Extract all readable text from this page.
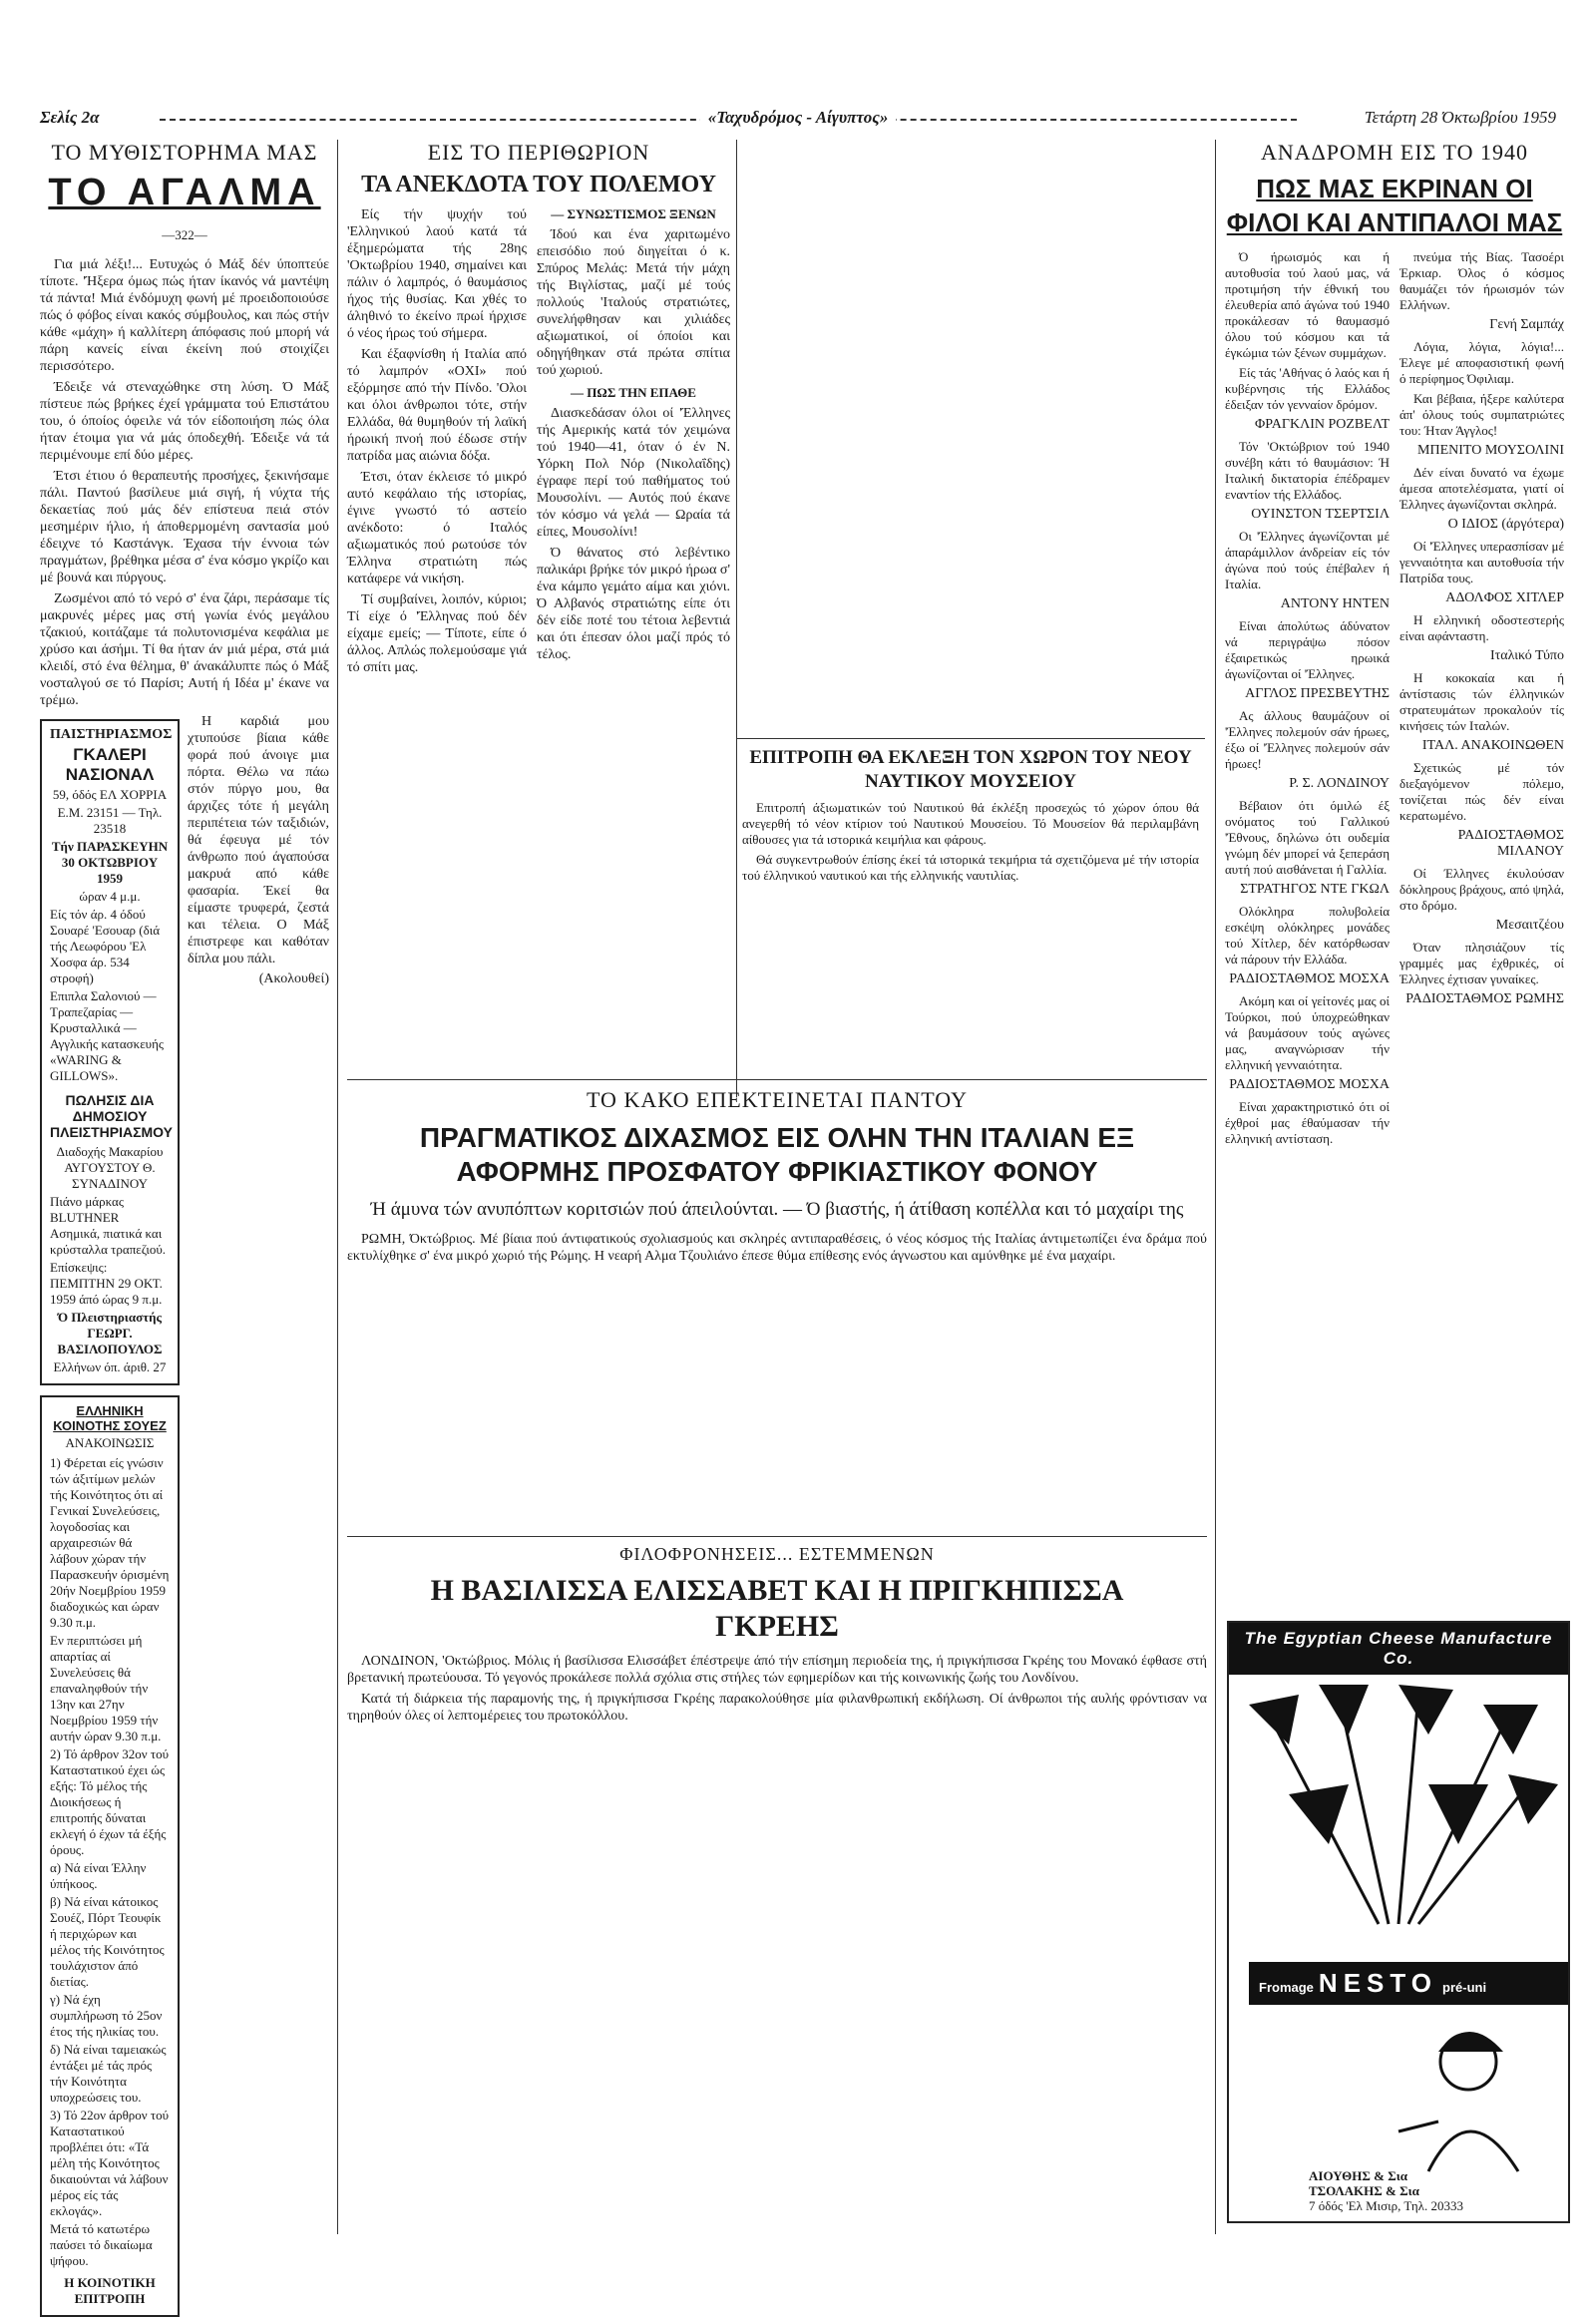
Σελίς 2α	«Ταχυδρόμος - Αίγυπτος»	Τετάρτη 28 Όκτωβρίου 1959

ΤΟ ΜΥΘΙΣΤΟΡΗΜΑ ΜΑΣ

ΤΟ ΑΓΑΛΜΑ

—322—

Για μιά λέξι!... Ευτυχώς ό Μάξ δέν ύποπτεύε τίποτε. 'Ήξερα όμως πώς ήταν ίκανός νά μαντέψη τά πάντα! Μιά ένδόμυχη φωνή μέ προειδοποιούσε πώς ό φόβος είναι κακός σύμβουλος, και πώς στήν κάθε «μάχη» ή καλλίτερη άπόφασις πού μπορή νά πάρη κανείς είναι έκείνη πού στοιχίζει περισσότερο.

Έδειξε νά στεναχώθηκε στη λύση. Ό Μάξ πίστευε πώς βρήκες έχεί γράμματα τού Επιστάτου του, ό όποίος όφειλε νά τόν είδοποιήση πώς όλα ήταν έτοιμα για νά μάς όποδεχθή. Έδειξε νά τά περιμένουμε επί δύο μέρες.

Έτσι έτιου ό θεραπευτής προσήχες, ξεκινήσαμε πάλι. Παντού βασίλευε μιά σιγή, ή νύχτα τής δεκαετίας πού μάς δέν επίστευα πειά στόν μεσημέριν ήλιο, ή άποθερμομένη σαντασία μού έδειχνε τό Καστάνγκ. Έχασα τήν έννοια τών πραγμάτων, βρέθηκα μέσα σ' ένα κόσμο γκρίζο και μέ βουνά και πύργους.

Ζωσμένοι από τό νερό σ' ένα ζάρι, περάσαμε τίς μακρυνές μέρες μας στή γωνία ένός μεγάλου τζακιού, κοιτάζαμε τά πολυτονισμένα κεφάλια με χρύσο και άσήμι. Τί θα ήταν άν μιά μέρα, στά μιά κλειδί, στό ένα θέλημα, θ' άνακάλυπτε πώς ό Μάξ νοσταλγού σε τό Παρίσι; Αυτή ή Ιδέα μ' έκανε να τρέμω.

ΠΑΙΣΤΗΡΙΑΣΜΟΣ

ΓΚΑΛΕΡΙ ΝΑΣΙΟΝΑΛ

59, όδός ΕΛ ΧΟΡΡΙΑ

Ε.Μ. 23151 — Τηλ. 23518

Τήν ΠΑΡΑΣΚΕΥΗΝ 30 ΟΚΤΩΒΡΙΟΥ 1959

ώραν 4 μ.μ.

Είς τόν άρ. 4 όδού Σουαρέ 'Εσουαρ (διά τής Λεωφόρου 'Ελ Χοσφα άρ. 534 στροφή)

Επιπλα Σαλονιού — Τραπεζαρίας — Κρυσταλλικά — Αγγλικής κατασκευής «WARING & GILLOWS».

ΠΩΛΗΣΙΣ ΔΙΑ ΔΗΜΟΣΙΟΥ ΠΛΕΙΣΤΗΡΙΑΣΜΟΥ

Διαδοχής Μακαρίου ΑΥΓΟΥΣΤΟΥ Θ. ΣΥΝΑΔΙΝΟΥ

Πιάνο μάρκας ΒLUTHNER Ασημικά, πιατικά και κρύσταλλα τραπεζιού.

Επίσκεψις: ΠΕΜΠΤΗΝ 29 ΟΚΤ. 1959 άπό ώρας 9 π.μ.

Ό Πλειστηριαστής ΓΕΩΡΓ. ΒΑΣΙΛΟΠΟΥΛΟΣ

Ελλήνων όπ. άριθ. 27

ΕΛΛΗΝΙΚΗ ΚΟΙΝΟΤΗΣ ΣΟΥΕΖ

ΑΝΑΚΟΙΝΩΣΙΣ

1) Φέρεται είς γνώσιν τών άξιτίμων μελών τής Κοινότητος ότι αί Γενικαί Συνελεύσεις, λογοδοσίας και αρχαιρεσιών θά λάβουν χώραν τήν Παρασκευήν όρισμένη 20ήν Νοεμβρίου 1959 διαδοχικώς και ώραν 9.30 π.μ.

Εν περιπτώσει μή απαρτίας αί Συνελεύσεις θά επαναληφθούν τήν 13ην και 27ην Νοεμβρίου 1959 τήν αυτήν ώραν 9.30 π.μ.

2) Τό άρθρον 32ον τού Καταστατικού έχει ώς εξής: Τό μέλος τής Διοικήσεως ή επιτροπής δύναται εκλεγή ό έχων τά έξής όρους.

α) Νά είναι Έλλην ύπήκοος.

β) Νά είναι κάτοικος Σουέζ, Πόρτ Τεουφίκ ή περιχώρων και μέλος τής Κοινότητος τουλάχιστον άπό διετίας.

γ) Νά έχη συμπλήρωση τό 25ον έτος τής ηλικίας του.

δ) Νά είναι ταμειακώς έντάξει μέ τάς πρός τήν Κοινότητα υποχρεώσεις του.

3) Τό 22ον άρθρον τού Καταστατικού προβλέπει ότι: «Τά μέλη τής Κοινότητος δικαιούνται νά λάβουν μέρος είς τάς εκλογάς».

Μετά τό κατωτέρω παύσει τό δικαίωμα ψήφου.

Η ΚΟΙΝΟΤΙΚΗ ΕΠΙΤΡΟΠΗ

Η καρδιά μου χτυπούσε βίαια κάθε φορά πού άνοιγε μια πόρτα. Θέλω να πάω στόν πύργο μου, θα άρχιζες τότε ή μεγάλη περιπέτεια τών ταξιδιών, θά έφευγα μέ τόν άνθρωπο πού άγαπούσα μακρυά από κάθε φασαρία. Έκεί θα είμαστε τρυφερά, ζεστά και τέλεια. Ο Μάξ έπιστρεφε και καθόταν δίπλα μου πάλι.

(Ακολουθεί)

ΕΙΣ ΤΟ ΠΕΡΙΘΩΡΙΟΝ

ΤΑ ΑΝΕΚΔΟΤΑ ΤΟΥ ΠΟΛΕΜΟΥ

Είς τήν ψυχήν τού 'Ελληνικού λαού κατά τά έξημερώματα τής 28ης 'Οκτωβρίου 1940, σημαίνει και πάλιν ό λαμπρός, ό θαυμάσιος ήχος τής θυσίας. Και χθές το άληθινό το έκείνο πρωί ήρχισε ό νέος ήρως τού σήμερα.

Και έξαφνίσθη ή Ιταλία από τό λαμπρόν «ΟΧΙ» πού εξόρμησε από τήν Πίνδο. 'Ολοι και όλοι άνθρωποι τότε, στήν Ελλάδα, θά θυμηθούν τή λαϊκή ήρωική πνοή πού έδωσε στήν πατρίδα μας αιώνια δόξα.

Έτσι, όταν έκλεισε τό μικρό αυτό κεφάλαιο τής ιστορίας, έγινε γνωστό τό αστείο ανέκδοτο: ό Ιταλός αξιωματικός πού ρωτούσε τόν Έλληνα στρατιώτη πώς κατάφερε νά νικήση.

Τί συμβαίνει, λοιπόν, κύριοι; Τί είχε ό 'Έλληνας πού δέν είχαμε εμείς; — Τίποτε, είπε ό άλλος. Απλώς πολεμούσαμε γιά τό σπίτι μας.

— ΣΥΝΩΣΤΙΣΜΟΣ ΞΕΝΩΝ

Ίδού και ένα χαριτωμένο επεισόδιο πού διηγείται ό κ. Σπύρος Μελάς: Μετά τήν μάχη τής Βιγλίστας, μαζί μέ τούς πολλούς 'Ιταλούς στρατιώτες, συνελήφθησαν και χιλιάδες αξιωματικοί, οί όποίοι και οδηγήθηκαν στά πρώτα σπίτια τού χωριού.

— ΠΩΣ ΤΗΝ ΕΠΑΘΕ

Διασκεδάσαν όλοι οί 'Έλληνες τής Αμερικής κατά τόν χειμώνα τού 1940—41, όταν ό έν Ν. Υόρκη Πολ Νόρ (Νικολαΐδης) έγραφε περί τού παθήματος τού Μουσολίνι. — Αυτός πού έκανε τόν κόσμο νά γελά — Ωραία τά είπες, Μουσολίνι!

Ό θάνατος στό λεβέντικο παλικάρι βρήκε τόν μικρό ήρωα σ' ένα κάμπο γεμάτο αίμα και χιόνι. Ό Αλβανός στρατιώτης είπε ότι δέν είδε ποτέ του τέτοια λεβεντιά και ότι έπεσαν όλοι μαζί πρός τό τέλος.

ΕΠΙΤΡΟΠΗ ΘΑ ΕΚΛΕΞΗ ΤΟΝ ΧΩΡΟΝ ΤΟΥ ΝΕΟΥ ΝΑΥΤΙΚΟΥ ΜΟΥΣΕΙΟΥ

Επιτροπή άξιωματικών τού Ναυτικού θά έκλέξη προσεχώς τό χώρον όπου θά ανεγερθή τό νέον κτίριον τού Ναυτικού Μουσείου. Τό Μουσείον θά περιλαμβάνη αίθουσες για τά ιστορικά κειμήλια και φάρους.

Θά συγκεντρωθούν έπίσης έκεί τά ιστορικά τεκμήρια τά σχετιζόμενα μέ τήν ιστορία τού έλληνικού ναυτικού και τής ελληνικής ναυτιλίας.

ΤΟ ΚΑΚΟ ΕΠΕΚΤΕΙΝΕΤΑΙ ΠΑΝΤΟΥ

ΠΡΑΓΜΑΤΙΚΟΣ ΔΙΧΑΣΜΟΣ ΕΙΣ ΟΛΗΝ ΤΗΝ ΙΤΑΛΙΑΝ ΕΞ ΑΦΟΡΜΗΣ ΠΡΟΣΦΑΤΟΥ ΦΡΙΚΙΑΣΤΙΚΟΥ ΦΟΝΟΥ

Ή άμυνα τών ανυπόπτων κοριτσιών πού άπειλούνται. — Ό βιαστής, ή άτίθαση κοπέλλα και τό μαχαίρι της

ΡΩΜΗ, Όκτώβριος. Μέ βίαια πού άντιφατικούς σχολιασμούς και σκληρές αντιπαραθέσεις, ό νέος κόσμος τής Ιταλίας άντιμετωπίζει ένα δράμα πού εκτυλίχθηκε σ' ένα μικρό χωριό τής Ρώμης. Η νεαρή Αλμα Τζουλιάνο έπεσε θύμα επίθεσης ενός άγνωστου και αμύνθηκε μέ ένα μαχαίρι.

ΦΙΛΟΦΡΟΝΗΣΕΙΣ... ΕΣΤΕΜΜΕΝΩΝ

Η ΒΑΣΙΛΙΣΣΑ ΕΛΙΣΣΑΒΕΤ ΚΑΙ Η ΠΡΙΓΚΗΠΙΣΣΑ ΓΚΡΕΗΣ

ΛΟΝΔΙΝΟΝ, 'Οκτώβριος. Μόλις ή βασίλισσα Ελισσάβετ έπέστρεψε άπό τήν επίσημη περιοδεία της, ή πριγκήπισσα Γκρέης του Μονακό έφθασε στή βρετανική πρωτεύουσα. Τό γεγονός προκάλεσε πολλά σχόλια στις στήλες τών εφημερίδων και τής κοινωνικής ζωής του Λονδίνου.

Κατά τή διάρκεια τής παραμονής της, ή πριγκήπισσα Γκρέης παρακολούθησε μία φιλανθρωπική εκδήλωση. Οί άνθρωποι τής αυλής φρόντισαν να τηρηθούν όλες οί λεπτομέρειες του πρωτοκόλλου.

ΑΝΑΔΡΟΜΗ ΕΙΣ ΤΟ 1940

ΠΩΣ ΜΑΣ ΕΚΡΙΝΑΝ ΟΙ ΦΙΛΟΙ ΚΑΙ ΑΝΤΙΠΑΛΟΙ ΜΑΣ

Ό ήρωισμός και ή αυτοθυσία τού λαού μας, νά προτιμήση τήν έθνική του έλευθερία από άγώνα τού 1940 προκάλεσαν τό θαυμασμό όλου τού κόσμου και τά έγκώμια τών ξένων συμμάχων.

Είς τάς 'Αθήνας ό λαός και ή κυβέρνησις τής Ελλάδος έδειξαν τόν γενναίον δρόμον.

ΦΡΑΓΚΛΙΝ ΡΟΖΒΕΛΤ

Τόν 'Οκτώβριον τού 1940 συνέβη κάτι τό θαυμάσιον: Ή Ιταλική δικτατορία έπέδραμεν εναντίον τής Ελλάδος.

ΟΥΙΝΣΤΟΝ ΤΣΕΡΤΣΙΛ

Οι 'Έλληνες άγωνίζονται μέ άπαράμιλλον άνδρείαν είς τόν άγώνα πού τούς έπέβαλεν ή Ιταλία.

ΑΝΤΟΝΥ ΗΝΤΕΝ

Είναι άπολύτως άδύνατον νά περιγράψω πόσον έξαιρετικώς ηρωικά άγωνίζονται οί 'Έλληνες.

ΑΓΓΛΟΣ ΠΡΕΣΒΕΥΤΗΣ

Ας άλλους θαυμάζουν οί 'Έλληνες πολεμούν σάν ήρωες, έξω οί 'Έλληνες πολεμούν σάν ήρωες!

Ρ. Σ. ΛΟΝΔΙΝΟΥ

Βέβαιον ότι όμιλώ έξ ονόματος τού Γαλλικού 'Έθνους, δηλώνω ότι ουδεμία γνώμη δέν μπορεί νά ξεπεράση αυτή πού αισθάνεται ή Γαλλία.

ΣΤΡΑΤΗΓΟΣ ΝΤΕ ΓΚΩΛ

Ολόκληρα πολυβολεία εσκέψη ολόκληρες μονάδες τού Χίτλερ, δέν κατόρθωσαν νά πάρουν τήν Ελλάδα.

ΡΑΔΙΟΣΤΑΘΜΟΣ ΜΟΣΧΑ

Ακόμη και οί γείτονές μας οί Τούρκοι, πού ύποχρεώθηκαν νά βαυμάσουν τούς αγώνες μας, αναγνώρισαν τήν ελληνική γενναιότητα.

ΡΑΔΙΟΣΤΑΘΜΟΣ ΜΟΣΧΑ

Είναι χαρακτηριστικό ότι οί έχθροί μας έθαύμασαν τήν ελληνική αντίσταση.

πνεύμα τής Βίας. Τασοέρι Έρκιαρ. Όλος ό κόσμος θαυμάζει τόν ήρωισμόν τών Ελλήνων.

Γενή Σαμπάχ

Λόγια, λόγια, λόγια!... Έλεγε μέ αποφασιστική φωνή ό περίφημος Όφιλιαμ.

Και βέβαια, ήξερε καλύτερα άπ' όλους τούς συμπατριώτες του: Ήταν Άγγλος!

ΜΠΕΝΙΤΟ ΜΟΥΣΟΛΙΝΙ

Δέν είναι δυνατό να έχωμε άμεσα αποτελέσματα, γιατί οί Έλληνες άγωνίζονται σκληρά.

Ο ΙΔΙΟΣ (άργότερα)

Οί 'Έλληνες υπερασπίσαν μέ γενναιότητα και αυτοθυσία τήν Πατρίδα τους.

ΑΔΟΛΦΟΣ ΧΙΤΛΕΡ

Η ελληνική οδοστεστερής είναι αφάνταστη.

Ιταλικό Τύπο

Η κοκοκαία και ή άντίστασις τών έλληνικών στρατευμάτων προκαλούν τίς κινήσεις τών Ιταλών.

ΙΤΑΛ. ΑΝΑΚΟΙΝΩΘΕΝ

Σχετικώς μέ τόν διεξαγόμενον πόλεμο, τονίζεται πώς δέν είναι κερατωμένο.

ΡΑΔΙΟΣΤΑΘΜΟΣ ΜΙΛΑΝΟΥ

Οί Έλληνες έκυλούσαν δόκληρους βράχους, από ψηλά, στο δρόμο.

Μεσαιτζέου

Όταν πλησιάζουν τίς γραμμές μας έχθρικές, οί Έλληνες έχτισαν γυναίκες.

ΡΑΔΙΟΣΤΑΘΜΟΣ ΡΩΜΗΣ

The Egyptian Cheese Manufacture Co.
Fromage NESTO pré-uni
ΑΙΟΥΘΗΣ & Σια
ΤΣΟΛΑΚΗΣ & Σια
7 όδός 'Ελ Μισιρ, Τηλ. 20333
